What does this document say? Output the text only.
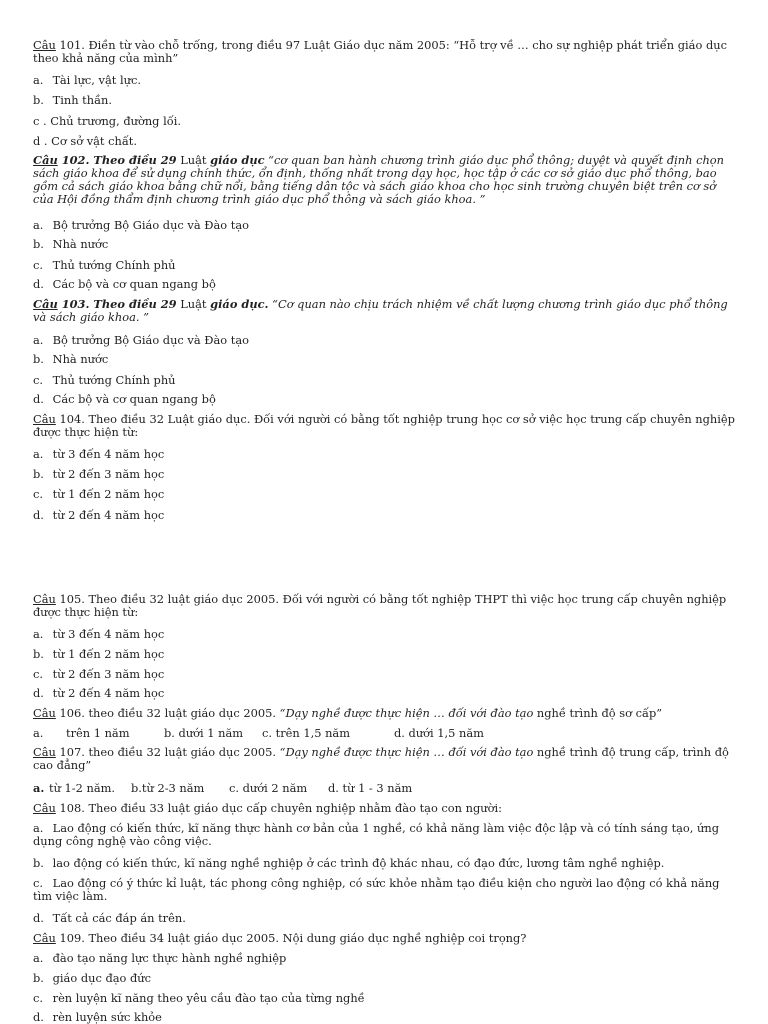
Câu 101. Điền từ vào chỗ trống, trong điều 97 Luật Giáo dục năm 2005: “Hỗ trợ về … cho sự nghiệp phát triển giáo dục theo khả năng của mình”

a. Tài lực, vật lực.

b. Tinh thần.

c . Chủ trương, đường lối.

d . Cơ sở vật chất.

Câu 102. Theo điều 29 Luật giáo dục “cơ quan ban hành chương trình giáo dục phổ thông; duyệt và quyết định chọn sách giáo khoa để sử dụng chính thức, ổn định, thống nhất trong dạy học, học tập ở các cơ sở giáo dục phổ thông, bao gồm cả sách giáo khoa bằng chữ nổi, bằng tiếng dân tộc và sách giáo khoa cho học sinh trường chuyên biệt trên cơ sở của Hội đồng thẩm định chương trình giáo dục phổ thông và sách giáo khoa. ”

a. Bộ trưởng Bộ Giáo dục và Đào tạo

b. Nhà nước

c. Thủ tướng Chính phủ

d. Các bộ và cơ quan ngang bộ

Câu 103. Theo điều 29 Luật giáo dục. “Cơ quan nào chịu trách nhiệm về chất lượng chương trình giáo dục phổ thông và sách giáo khoa. ”

a. Bộ trưởng Bộ Giáo dục và Đào tạo

b. Nhà nước

c. Thủ tướng Chính phủ

d. Các bộ và cơ quan ngang bộ

Câu 104. Theo điều 32 Luật giáo dục. Đối với người có bằng tốt nghiệp trung học cơ sở việc học trung cấp chuyên nghiệp được thực hiện từ:

a. từ 3 đến 4 năm học

b. từ 2 đến 3 năm học

c. từ 1 đến 2 năm học

d. từ 2 đến 4 năm học

Câu 105. Theo điều 32 luật giáo dục 2005. Đối với người có bằng tốt nghiệp THPT thì việc học trung cấp chuyên nghiệp được thực hiện từ:

a. từ 3 đến 4 năm học

b. từ 1 đến 2 năm học

c. từ 2 đến 3 năm học

d. từ 2 đến 4 năm học

Câu 106. theo điều 32 luật giáo dục 2005. “Dạy nghề được thực hiện … đối với đào tạo nghề trình độ sơ cấp”

a. trên 1 năm	b. dưới 1 năm c. trên 1,5 năm	d. dưới 1,5 năm

Câu 107. theo điều 32 luật giáo dục 2005. “Dạy nghề được thực hiện … đối với đào tạo nghề trình độ trung cấp, trình độ cao đẳng”

a. từ 1-2 năm. b.từ 2-3 năm c. dưới 2 năm d. từ 1 - 3 năm

Câu 108. Theo điều 33 luật giáo dục cấp chuyên nghiệp nhằm đào tạo con người:

a. Lao động có kiến thức, kĩ năng thực hành cơ bản của 1 nghề, có khả năng làm việc độc lập và có tính sáng tạo, ứng dụng công nghệ vào công việc.

b. lao động có kiến thức, kĩ năng nghề nghiệp ở các trình độ khác nhau, có đạo đức, lương tâm nghề nghiệp.

c. Lao động có ý thức kỉ luật, tác phong công nghiệp, có sức khỏe nhằm tạo điều kiện cho người lao động có khả năng tìm việc làm.

d. Tất cả các đáp án trên.

Câu 109. Theo điều 34 luật giáo dục 2005. Nội dung giáo dục nghề nghiệp coi trọng?

a. đào tạo năng lực thực hành nghề nghiệp

b. giáo dục đạo đức

c. rèn luyện kĩ năng theo yêu cầu đào tạo của từng nghề

d. rèn luyện sức khỏe
